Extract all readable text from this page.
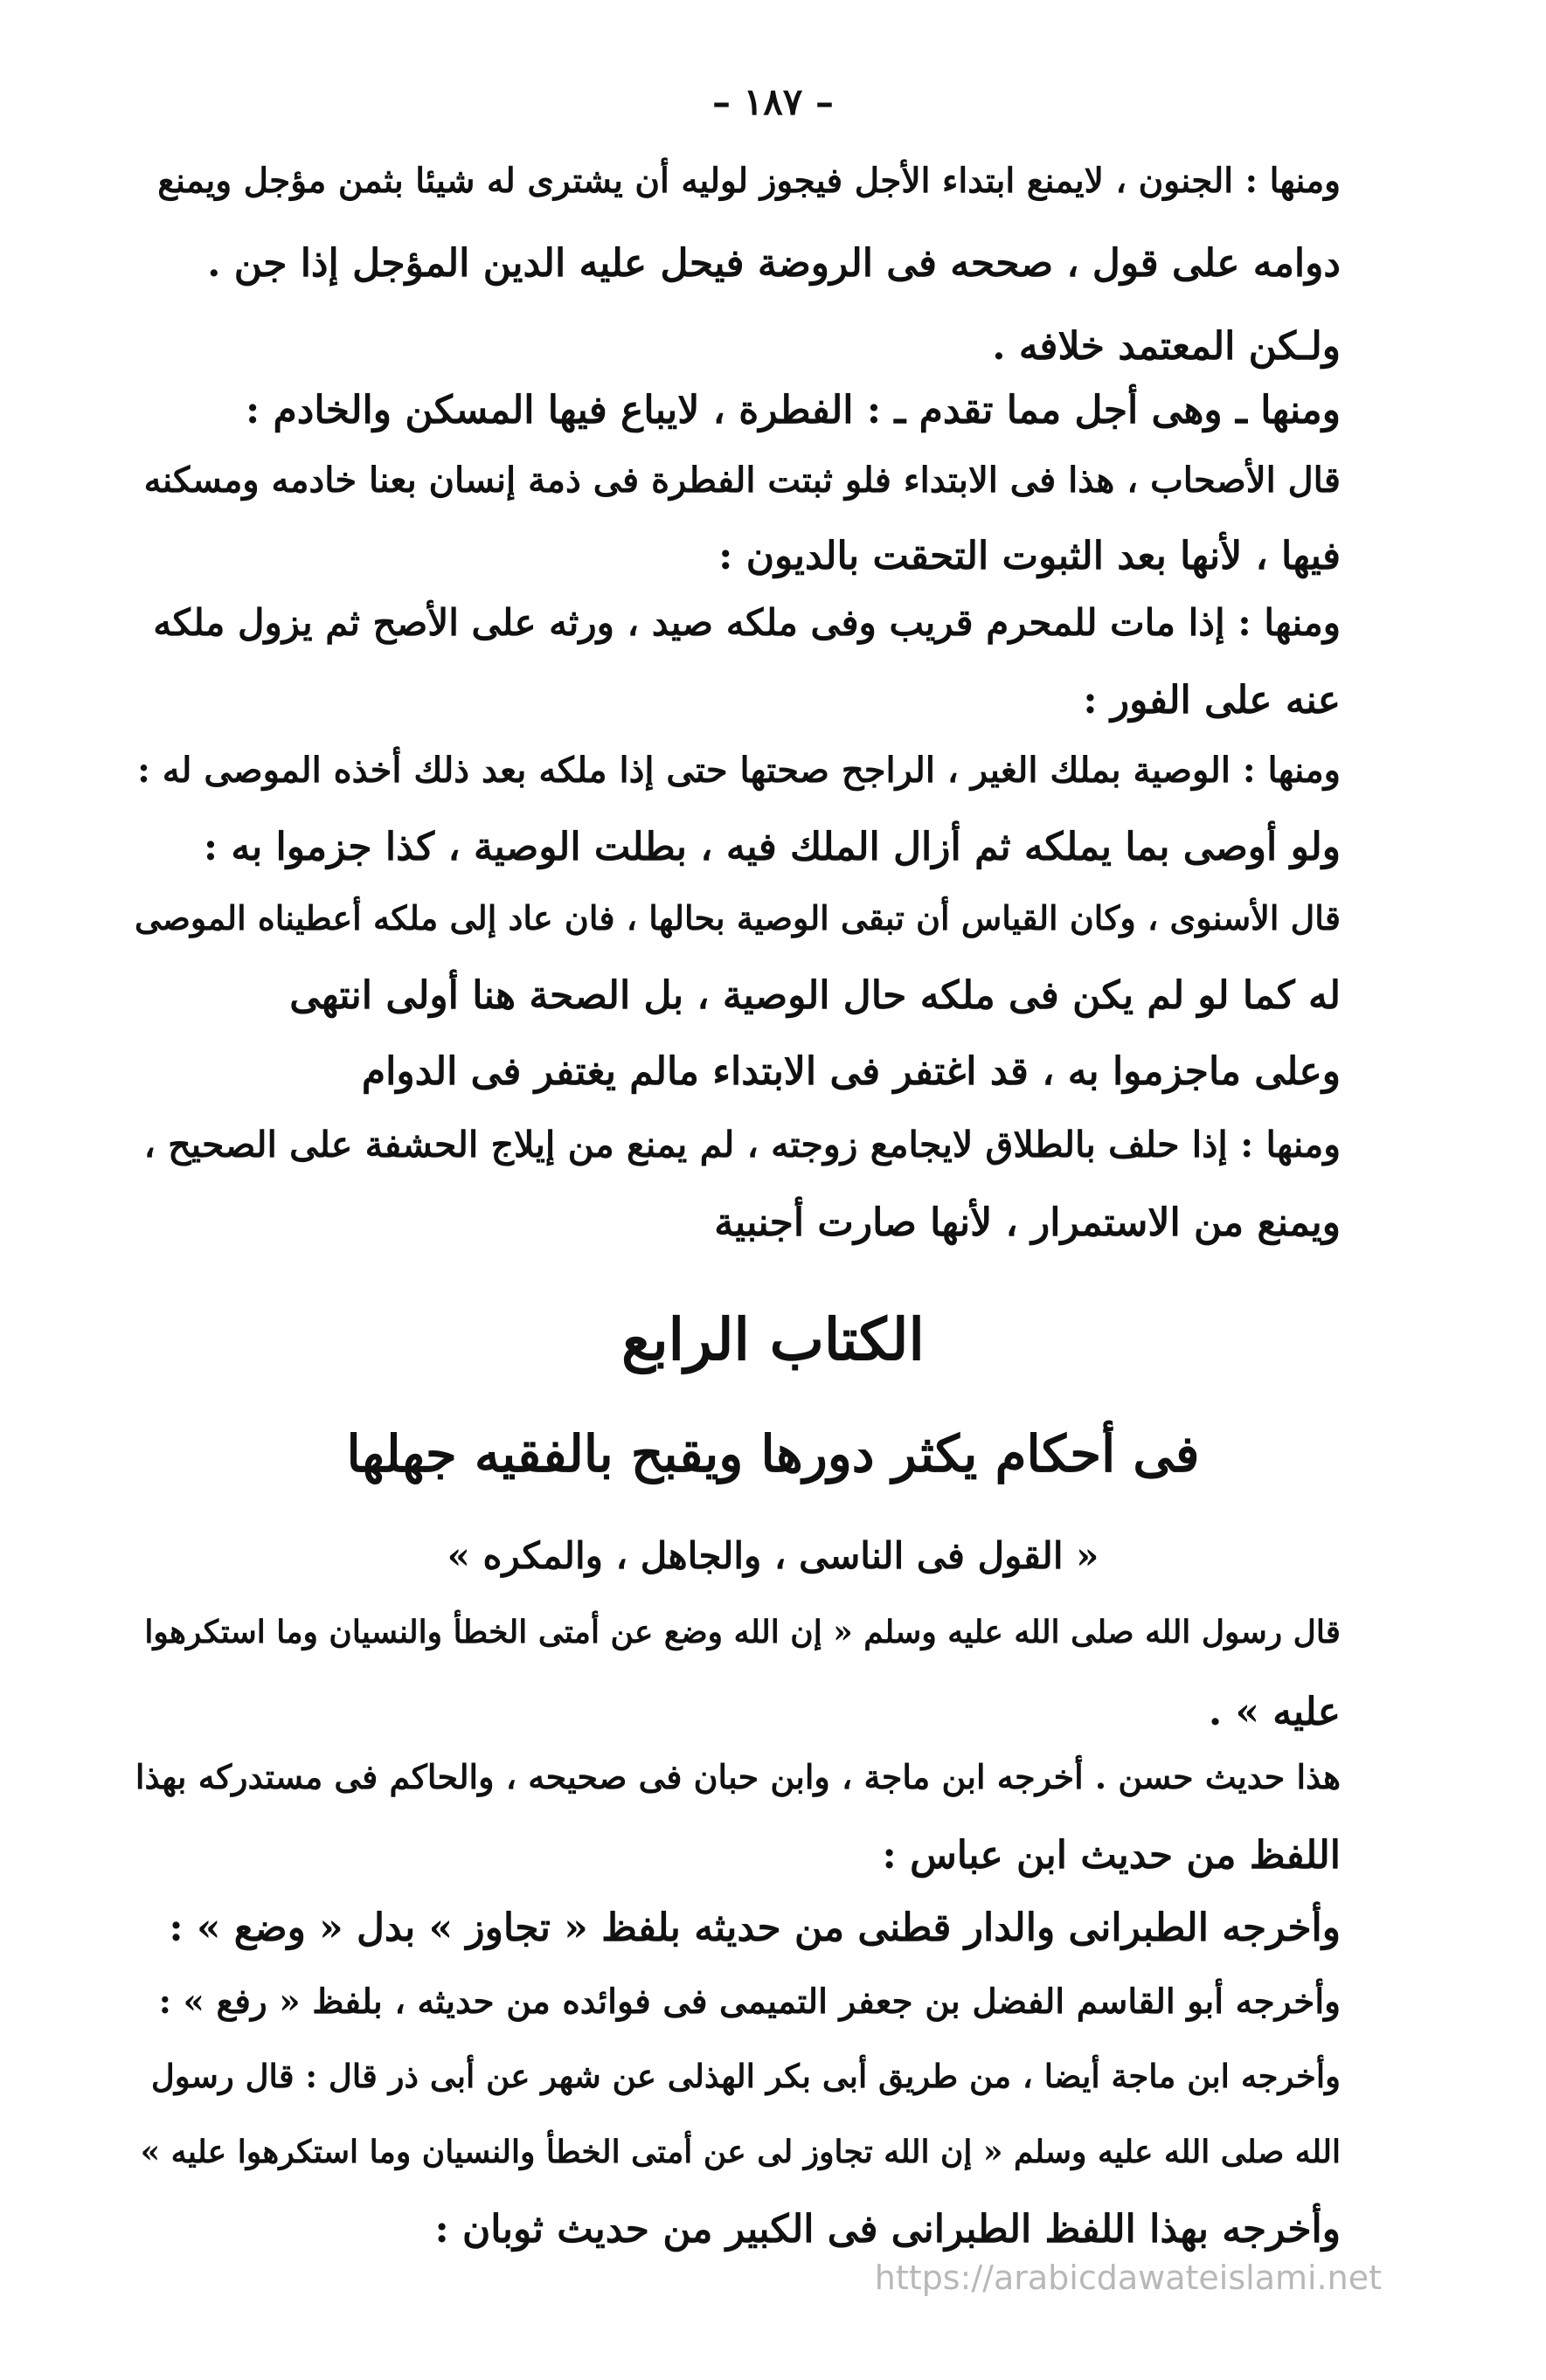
– ١٨٧ –
ومنها : الجنون ، لايمنع ابتداء الأجل فيجوز لوليه أن يشترى له شيئا بثمن مؤجل ويمنع
دوامه على قول ، صححه فى الروضة فيحل عليه الدين المؤجل إذا جن .
ولـكن المعتمد خلافه .
ومنها ـ وهى أجل مما تقدم ـ : الفطرة ، لايباع فيها المسكن والخادم :
قال الأصحاب ، هذا فى الابتداء فلو ثبتت الفطرة فى ذمة إنسان بعنا خادمه ومسكنه
فيها ، لأنها بعد الثبوت التحقت بالديون :
ومنها : إذا مات للمحرم قريب وفى ملكه صيد ، ورثه على الأصح ثم يزول ملكه
عنه على الفور :
ومنها : الوصية بملك الغير ، الراجح صحتها حتى إذا ملكه بعد ذلك أخذه الموصى له :
ولو أوصى بما يملكه ثم أزال الملك فيه ، بطلت الوصية ، كذا جزموا به :
قال الأسنوى ، وكان القياس أن تبقى الوصية بحالها ، فان عاد إلى ملكه أعطيناه الموصى
له كما لو لم يكن فى ملكه حال الوصية ، بل الصحة هنا أولى انتهى
وعلى ماجزموا به ، قد اغتفر فى الابتداء مالم يغتفر فى الدوام
ومنها : إذا حلف بالطلاق لايجامع زوجته ، لم يمنع من إيلاج الحشفة على الصحيح ،
ويمنع من الاستمرار ، لأنها صارت أجنبية
الكتاب الرابع
فى أحكام يكثر دورها ويقبح بالفقيه جهلها
« القول فى الناسى ، والجاهل ، والمكره »
قال رسول الله صلى الله عليه وسلم « إن الله وضع عن أمتى الخطأ والنسيان وما استكرهوا
عليه » .
هذا حديث حسن . أخرجه ابن ماجة ، وابن حبان فى صحيحه ، والحاكم فى مستدركه بهذا
اللفظ من حديث ابن عباس :
وأخرجه الطبرانى والدار قطنى من حديثه بلفظ « تجاوز » بدل « وضع » :
وأخرجه أبو القاسم الفضل بن جعفر التميمى فى فوائده من حديثه ، بلفظ « رفع » :
وأخرجه ابن ماجة أيضا ، من طريق أبى بكر الهذلى عن شهر عن أبى ذر قال : قال رسول
الله صلى الله عليه وسلم « إن الله تجاوز لى عن أمتى الخطأ والنسيان وما استكرهوا عليه »
وأخرجه بهذا اللفظ الطبرانى فى الكبير من حديث ثوبان :
https://arabicdawateislami.net
